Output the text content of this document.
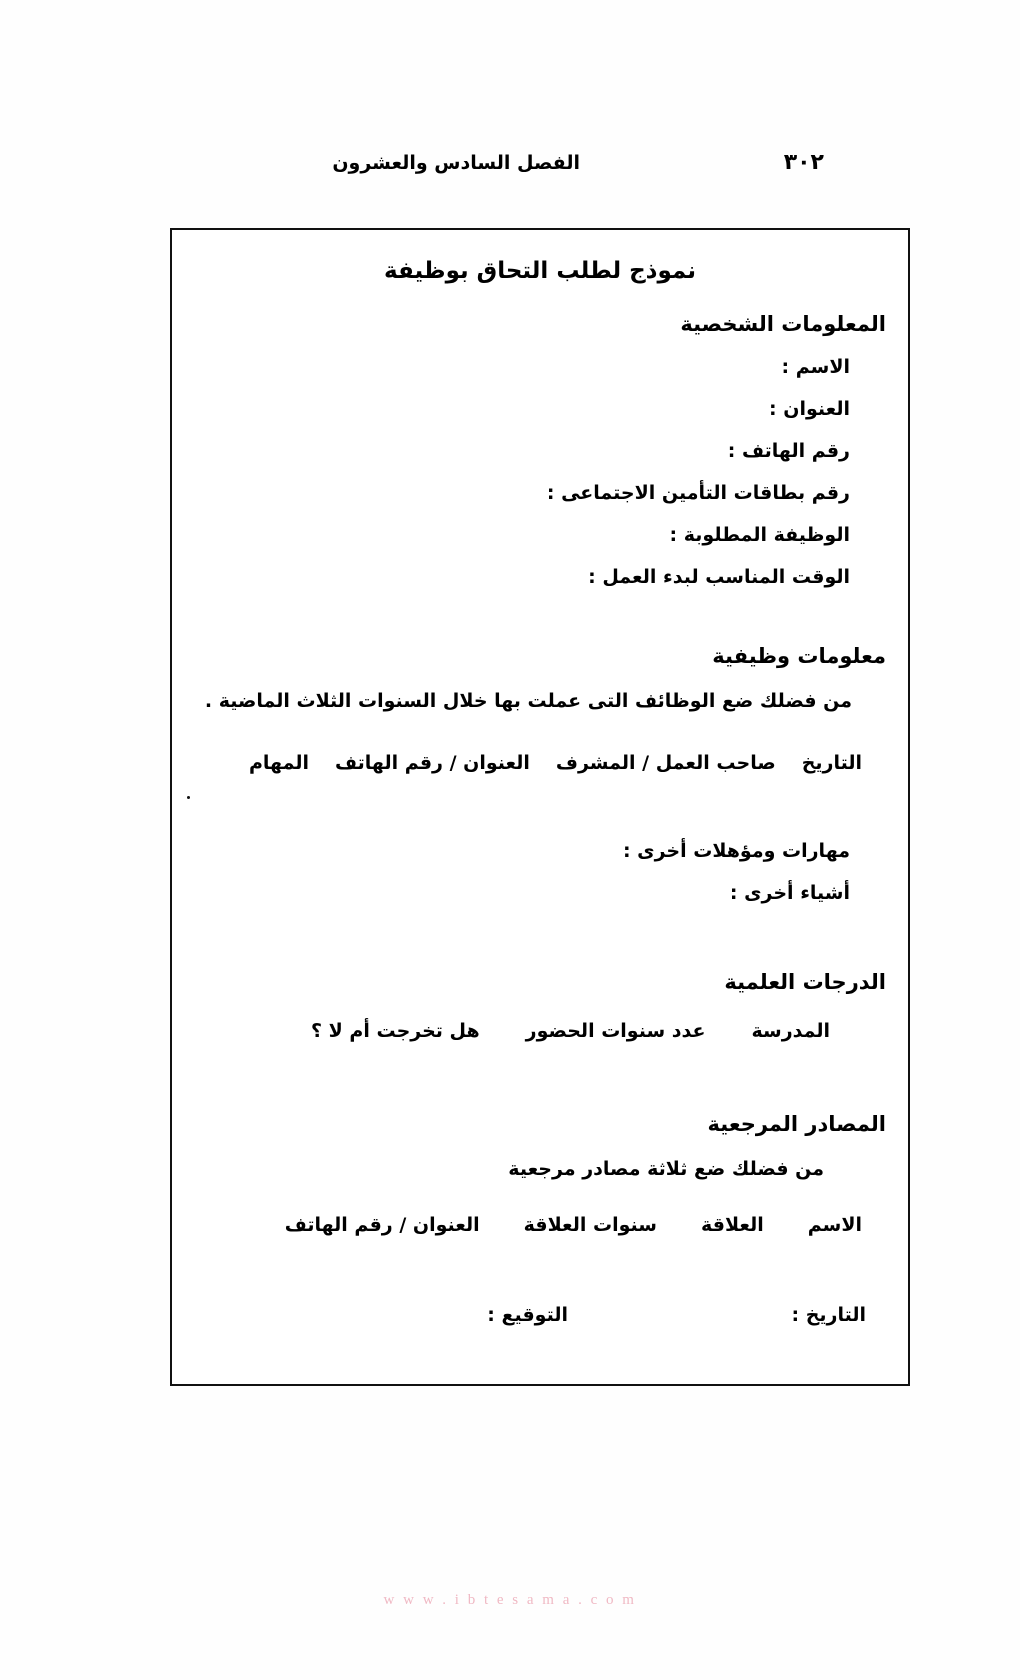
الفصل السادس والعشرون	٣٠٢
نموذج لطلب التحاق بوظيفة
المعلومات الشخصية
الاسم :
العنوان :
رقم الهاتف :
رقم بطاقات التأمين الاجتماعى :
الوظيفة المطلوبة :
الوقت المناسب لبدء العمل :
معلومات وظيفية
من فضلك ضع الوظائف التى عملت بها خلال السنوات الثلاث الماضية .
التاريخ
صاحب العمل / المشرف
العنوان / رقم الهاتف
المهام
مهارات ومؤهلات أخرى :
أشياء أخرى :
الدرجات العلمية
المدرسة
عدد سنوات الحضور
هل تخرجت أم لا ؟
المصادر المرجعية
من فضلك ضع ثلاثة مصادر مرجعية
الاسم
العلاقة
سنوات العلاقة
العنوان / رقم الهاتف
التاريخ :
التوقيع :
w w w . i b t e s a m a . c o m
